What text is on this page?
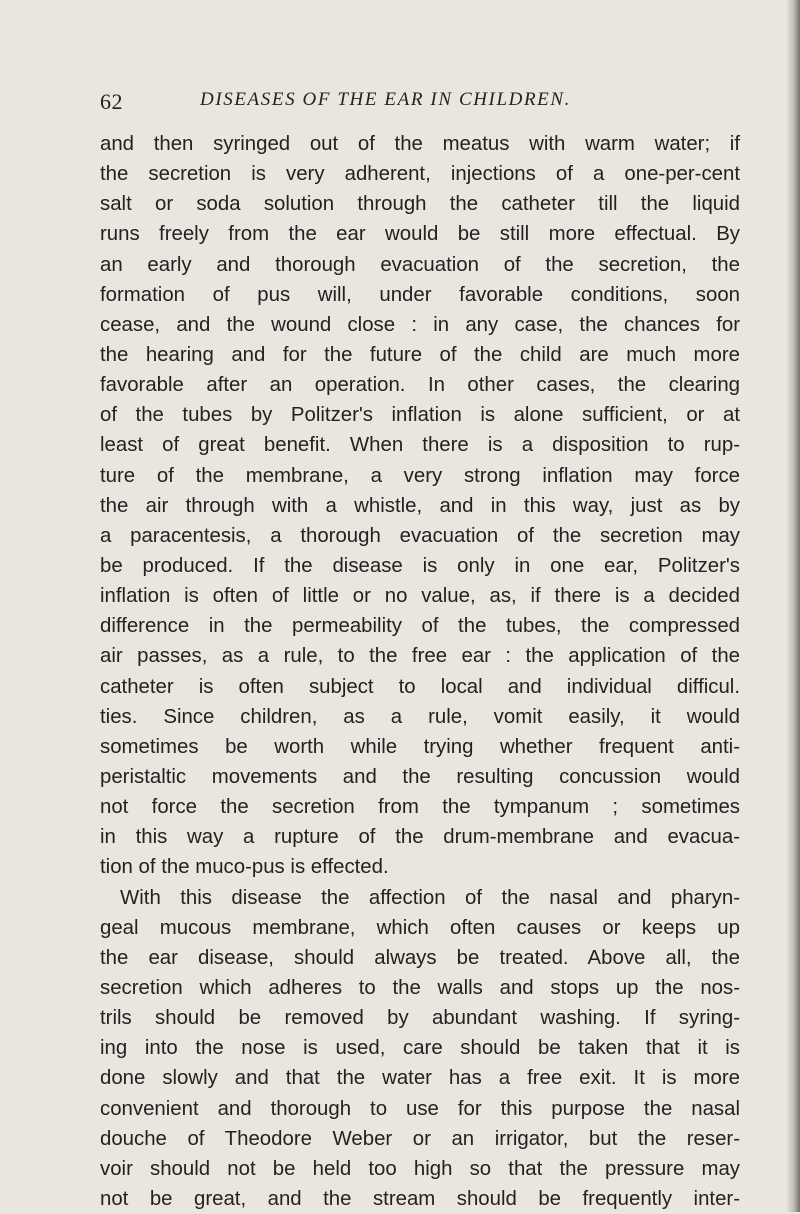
62	DISEASES OF THE EAR IN CHILDREN.
and then syringed out of the meatus with warm water; if
the secretion is very adherent, injections of a one-per-cent
salt or soda solution through the catheter till the liquid
runs freely from the ear would be still more effectual. By
an early and thorough evacuation of the secretion, the
formation of pus will, under favorable conditions, soon
cease, and the wound close : in any case, the chances for
the hearing and for the future of the child are much more
favorable after an operation. In other cases, the clearing
of the tubes by Politzer's inflation is alone sufficient, or at
least of great benefit. When there is a disposition to rup-
ture of the membrane, a very strong inflation may force
the air through with a whistle, and in this way, just as by
a paracentesis, a thorough evacuation of the secretion may
be produced. If the disease is only in one ear, Politzer's
inflation is often of little or no value, as, if there is a decided
difference in the permeability of the tubes, the compressed
air passes, as a rule, to the free ear : the application of the
catheter is often subject to local and individual difficul.
ties. Since children, as a rule, vomit easily, it would
sometimes be worth while trying whether frequent anti-
peristaltic movements and the resulting concussion would
not force the secretion from the tympanum ; sometimes
in this way a rupture of the drum-membrane and evacua-
tion of the muco-pus is effected.
With this disease the affection of the nasal and pharyn-
geal mucous membrane, which often causes or keeps up
the ear disease, should always be treated. Above all, the
secretion which adheres to the walls and stops up the nos-
trils should be removed by abundant washing. If syring-
ing into the nose is used, care should be taken that it is
done slowly and that the water has a free exit. It is more
convenient and thorough to use for this purpose the nasal
douche of Theodore Weber or an irrigator, but the reser-
voir should not be held too high so that the pressure may
not be great, and the stream should be frequently inter-
